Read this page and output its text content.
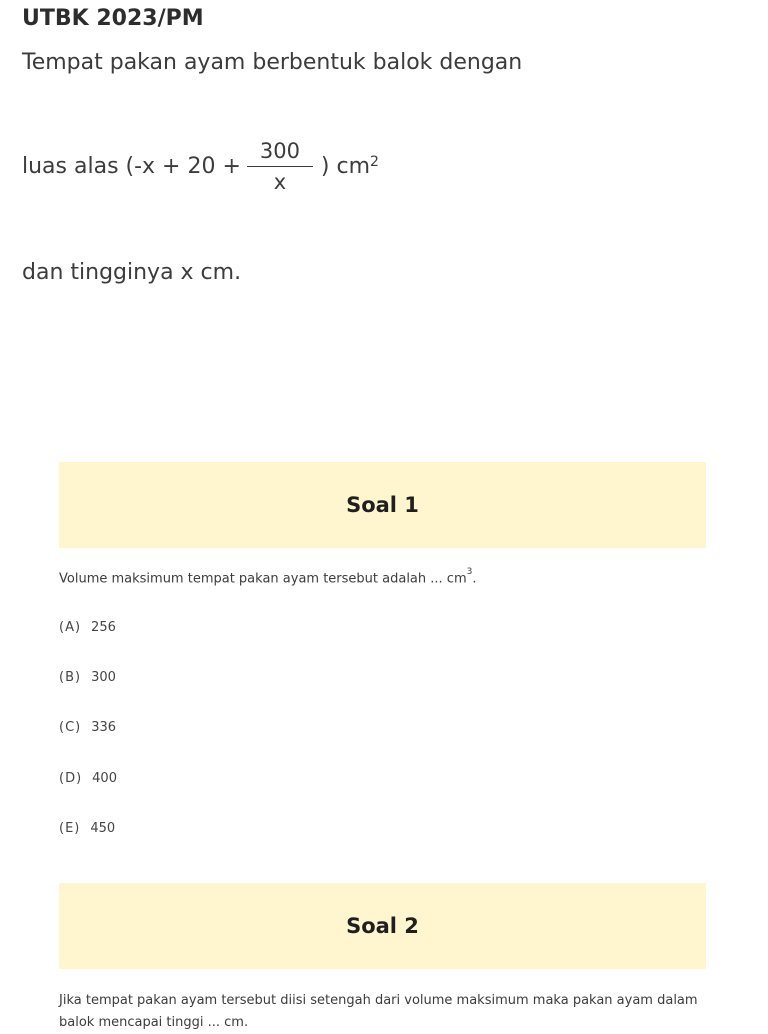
UTBK 2023/PM
Tempat pakan ayam berbentuk balok dengan
luas alas ($-x + 20 + \frac{300}{x}$ ) $cm^2$
dan tingginya x cm.
Soal 1
Volume maksimum tempat pakan ayam tersebut adalah ... $cm^3$.
(A) 256
(B) 300
(C) 336
(D) 400
(E) 450
Soal 2
Jika tempat pakan ayam tersebut diisi setengah dari volume maksimum maka pakan ayam dalam balok mencapai tinggi ... cm.
